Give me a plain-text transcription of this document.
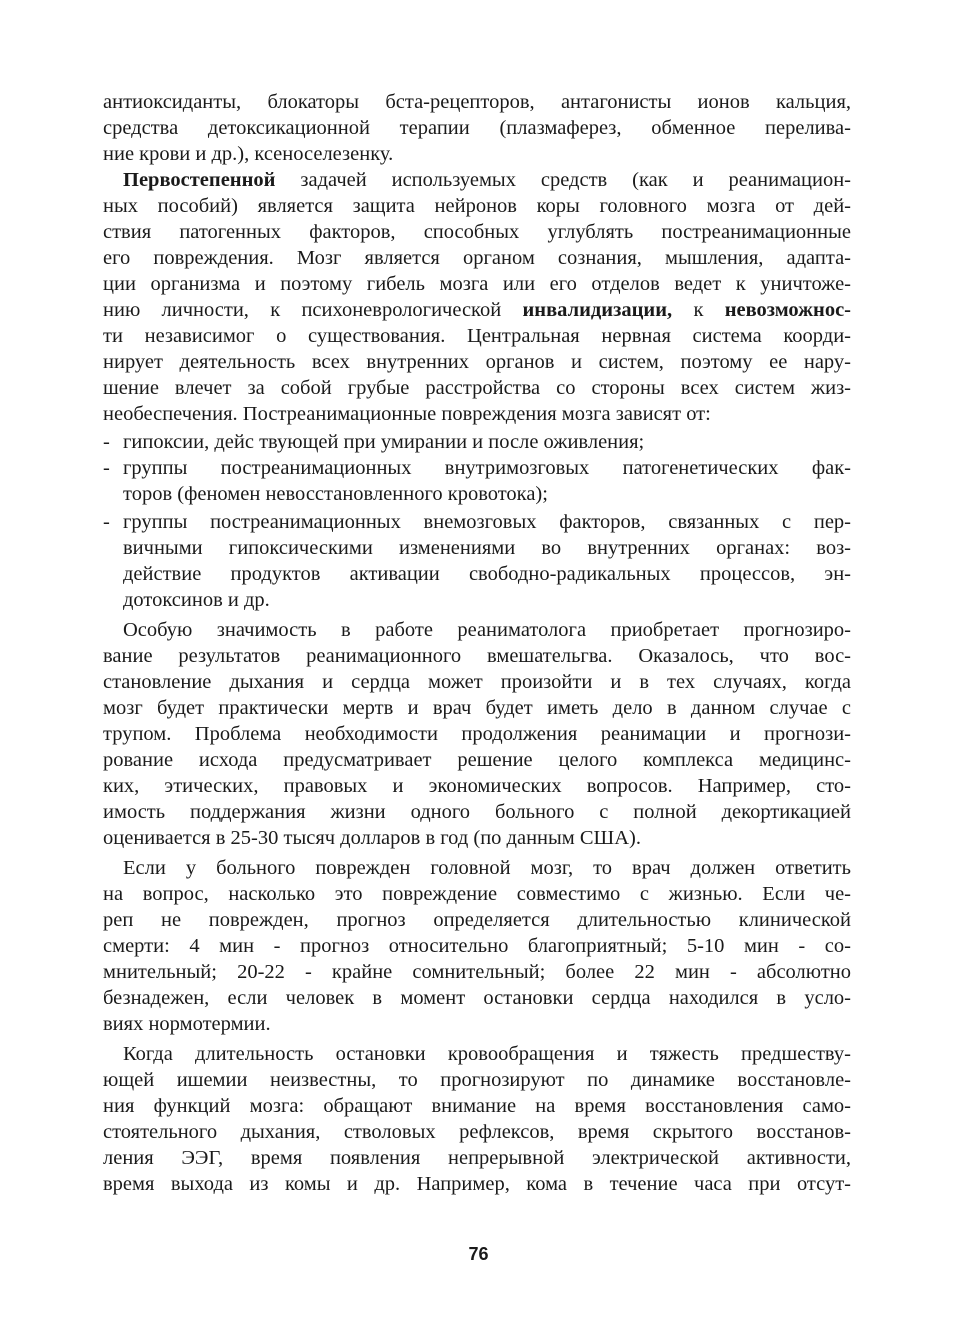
антиоксиданты, блокаторы бста-рецепторов, антагонисты ионов кальция,
средства детоксикационной терапии (плазмаферез, обменное перелива-
ние крови и др.), ксеноселезенку.
Первостепенной задачей используемых средств (как и реанимацион-
ных пособий) является защита нейронов коры головного мозга от дей-
ствия патогенных факторов, способных углублять постреанимационные
его повреждения. Мозг является органом сознания, мышления, адапта-
ции организма и поэтому гибель мозга или его отделов ведет к уничтоже-
нию личности, к психоневрологической инвалидизации, к невозможнос-
ти независимог о существования. Центральная нервная система коорди-
нирует деятельность всех внутренних органов и систем, поэтому ее нару-
шение влечет за собой грубые расстройства со стороны всех систем жиз-
необеспечения. Постреанимационные повреждения мозга зависят от:
- гипоксии, дейс твующей при умирании и после оживления;
- группы постреанимационных внутримозговых патогенетических фак-
торов (феномен невосстановленного кровотока);
- группы постреанимационных внемозговых факторов, связанных с пер-
вичными гипоксическими изменениями во внутренних органах: воз-
действие продуктов активации свободно-радикальных процессов, эн-
дотоксинов и др.
Особую значимость в работе реаниматолога приобретает прогнозиро-
вание результатов реанимационного вмешательгва. Оказалось, что вос-
становление дыхания и сердца может произойти и в тех случаях, когда
мозг будет практически мертв и врач будет иметь дело в данном случае с
трупом. Проблема необходимости продолжения реанимации и прогнози-
рование исхода предусматривает решение целого комплекса медицинс-
ких, этических, правовых и экономических вопросов. Например, сто-
имость поддержания жизни одного больного с полной декортикацией
оценивается в 25-30 тысяч долларов в год (по данным США).
Если у больного поврежден головной мозг, то врач должен ответить
на вопрос, насколько это повреждение совместимо с жизнью. Если че-
реп не поврежден, прогноз определяется длительностью клинической
смерти: 4 мин - прогноз относительно благоприятный; 5-10 мин - со-
мнительный; 20-22 - крайне сомнительный; более 22 мин - абсолютно
безнадежен, если человек в момент остановки сердца находился в усло-
виях нормотермии.
Когда длительность остановки кровообращения и тяжесть предшеству-
ющей ишемии неизвестны, то прогнозируют по динамике восстановле-
ния функций мозга: обращают внимание на время восстановления само-
стоятельного дыхания, стволовых рефлексов, время скрытого восстанов-
ления ЭЭГ, время появления непрерывной электрической активности,
время выхода из комы и др. Например, кома в течение часа при отсут-
76
